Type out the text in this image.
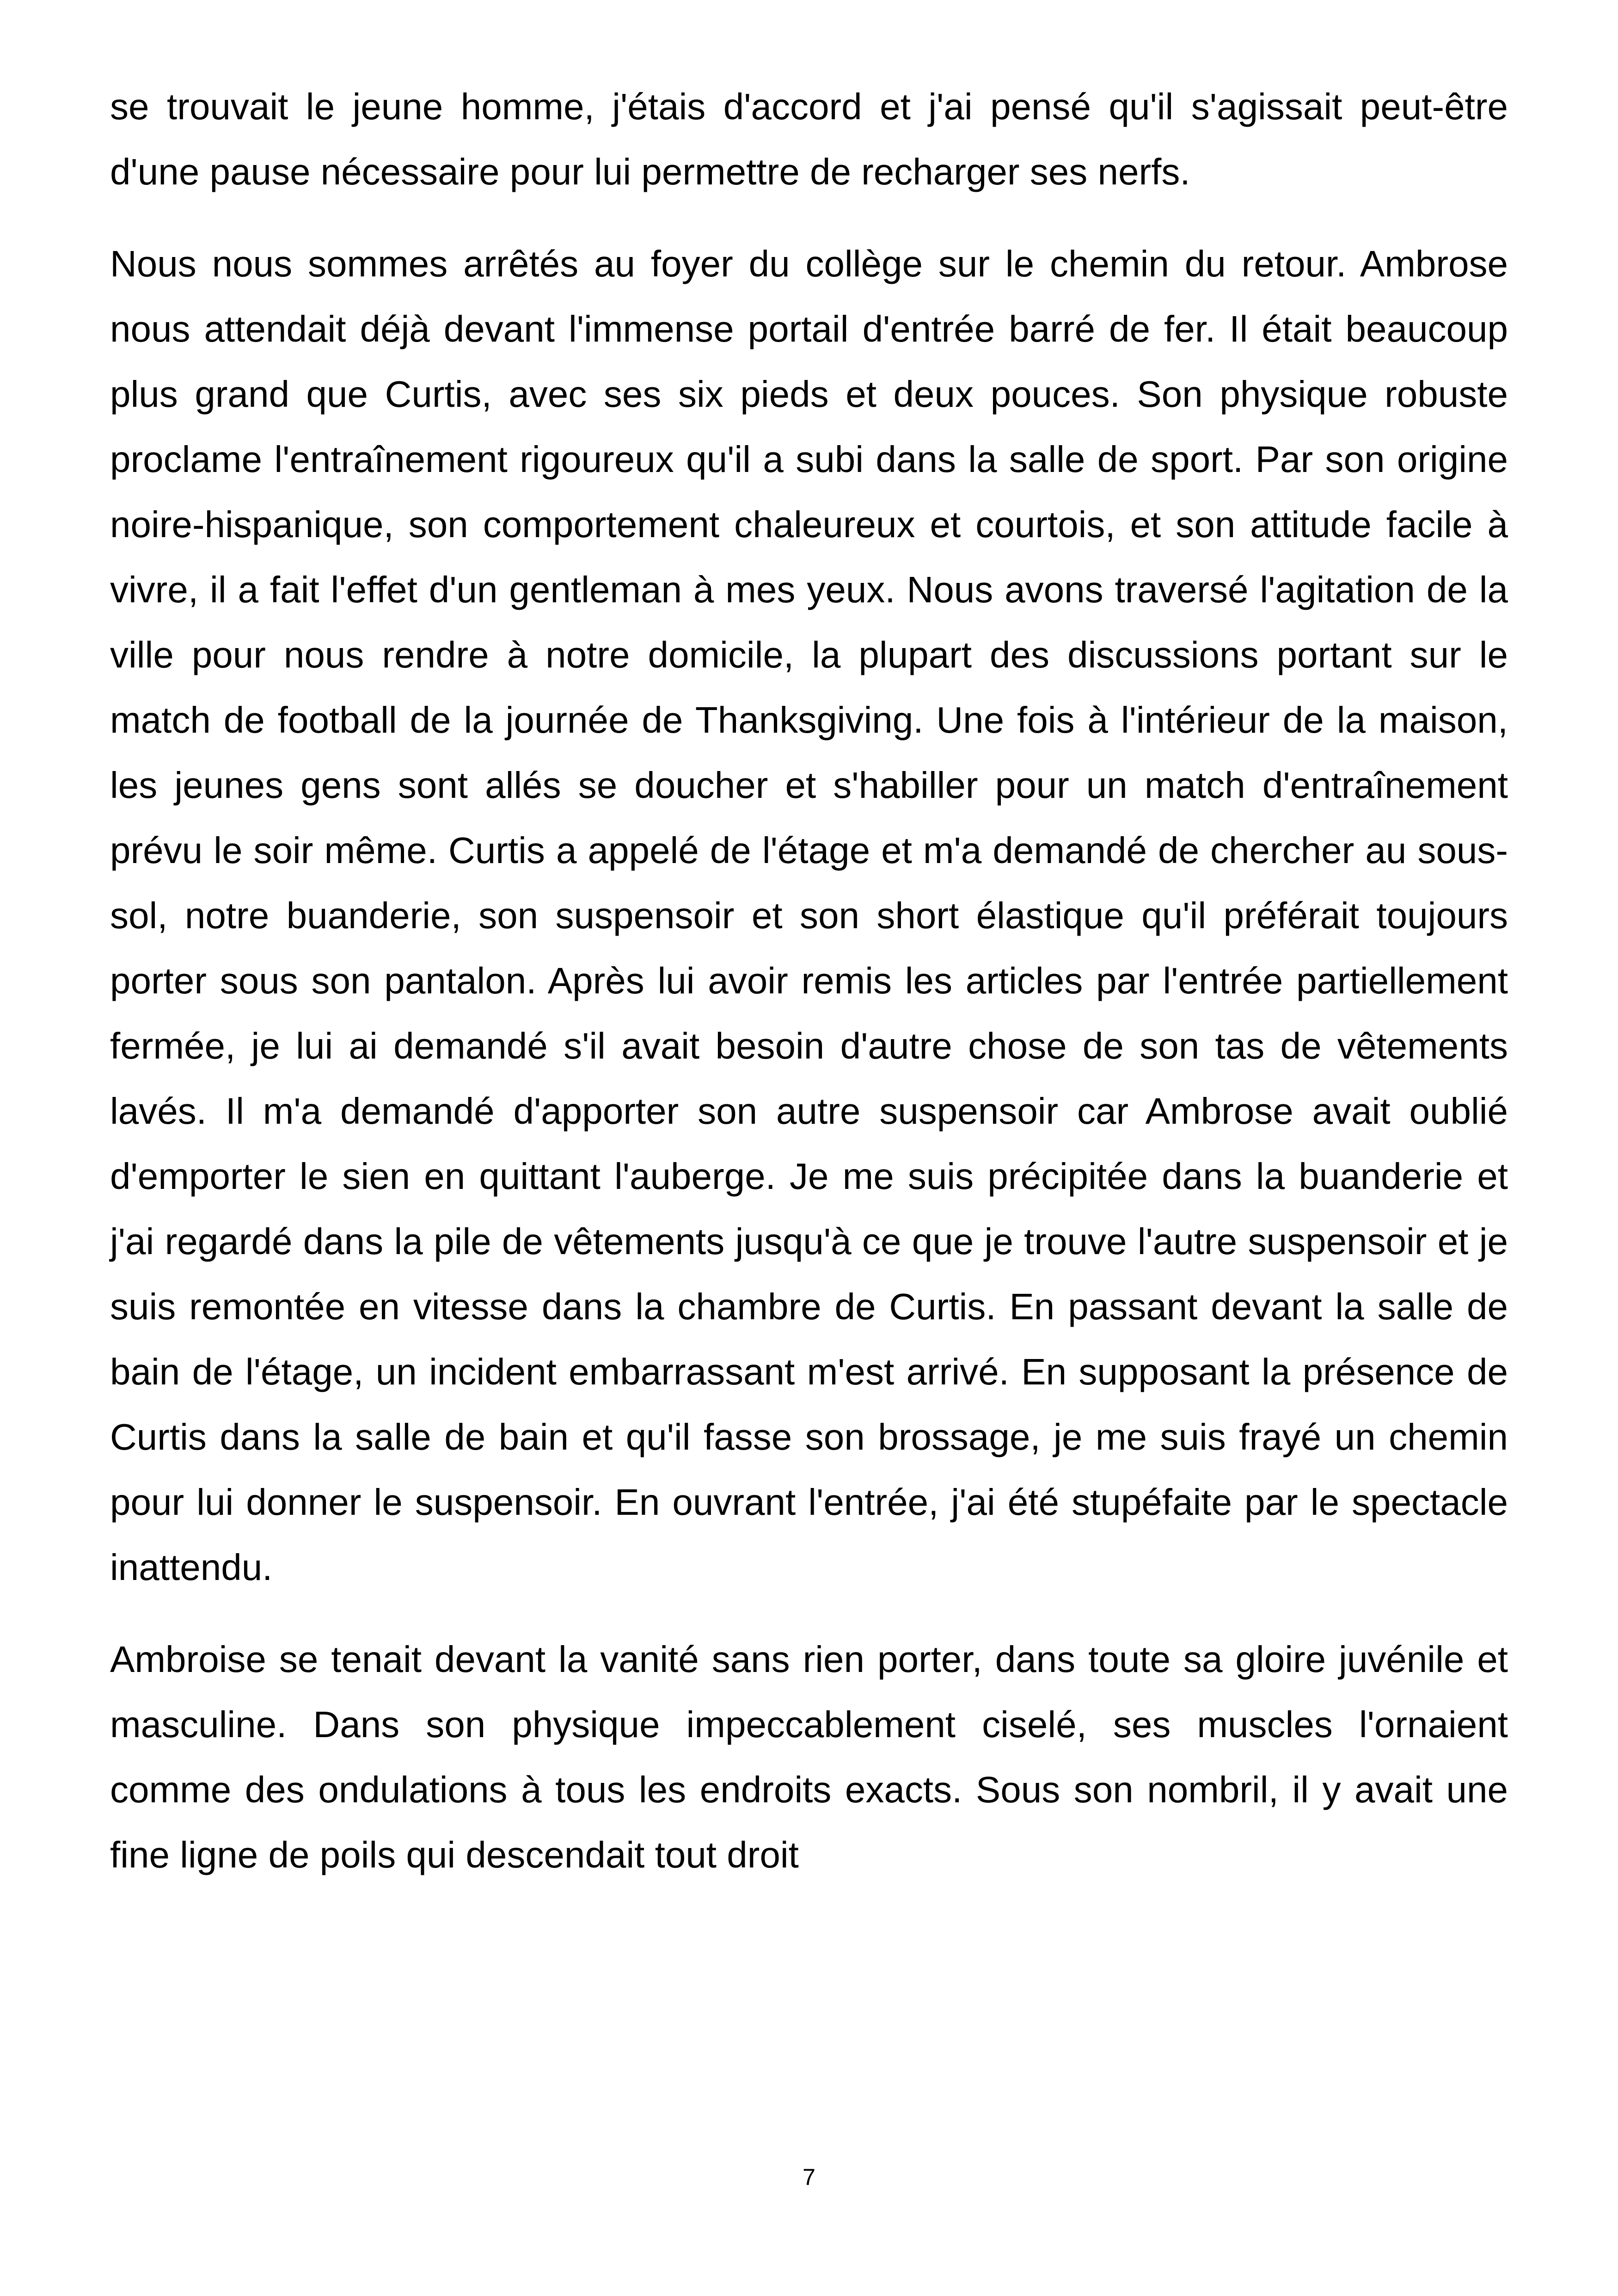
se trouvait le jeune homme, j'étais d'accord et j'ai pensé qu'il s'agissait peut-être d'une pause nécessaire pour lui permettre de recharger ses nerfs.

Nous nous sommes arrêtés au foyer du collège sur le chemin du retour. Ambrose nous attendait déjà devant l'immense portail d'entrée barré de fer. Il était beaucoup plus grand que Curtis, avec ses six pieds et deux pouces. Son physique robuste proclame l'entraînement rigoureux qu'il a subi dans la salle de sport. Par son origine noire-hispanique, son comportement chaleureux et courtois, et son attitude facile à vivre, il a fait l'effet d'un gentleman à mes yeux. Nous avons traversé l'agitation de la ville pour nous rendre à notre domicile, la plupart des discussions portant sur le match de football de la journée de Thanksgiving. Une fois à l'intérieur de la maison, les jeunes gens sont allés se doucher et s'habiller pour un match d'entraînement prévu le soir même. Curtis a appelé de l'étage et m'a demandé de chercher au sous-sol, notre buanderie, son suspensoir et son short élastique qu'il préférait toujours porter sous son pantalon. Après lui avoir remis les articles par l'entrée partiellement fermée, je lui ai demandé s'il avait besoin d'autre chose de son tas de vêtements lavés. Il m'a demandé d'apporter son autre suspensoir car Ambrose avait oublié d'emporter le sien en quittant l'auberge. Je me suis précipitée dans la buanderie et j'ai regardé dans la pile de vêtements jusqu'à ce que je trouve l'autre suspensoir et je suis remontée en vitesse dans la chambre de Curtis. En passant devant la salle de bain de l'étage, un incident embarrassant m'est arrivé. En supposant la présence de Curtis dans la salle de bain et qu'il fasse son brossage, je me suis frayé un chemin pour lui donner le suspensoir. En ouvrant l'entrée, j'ai été stupéfaite par le spectacle inattendu.

Ambroise se tenait devant la vanité sans rien porter, dans toute sa gloire juvénile et masculine. Dans son physique impeccablement ciselé, ses muscles l'ornaient comme des ondulations à tous les endroits exacts. Sous son nombril, il y avait une fine ligne de poils qui descendait tout droit

7
